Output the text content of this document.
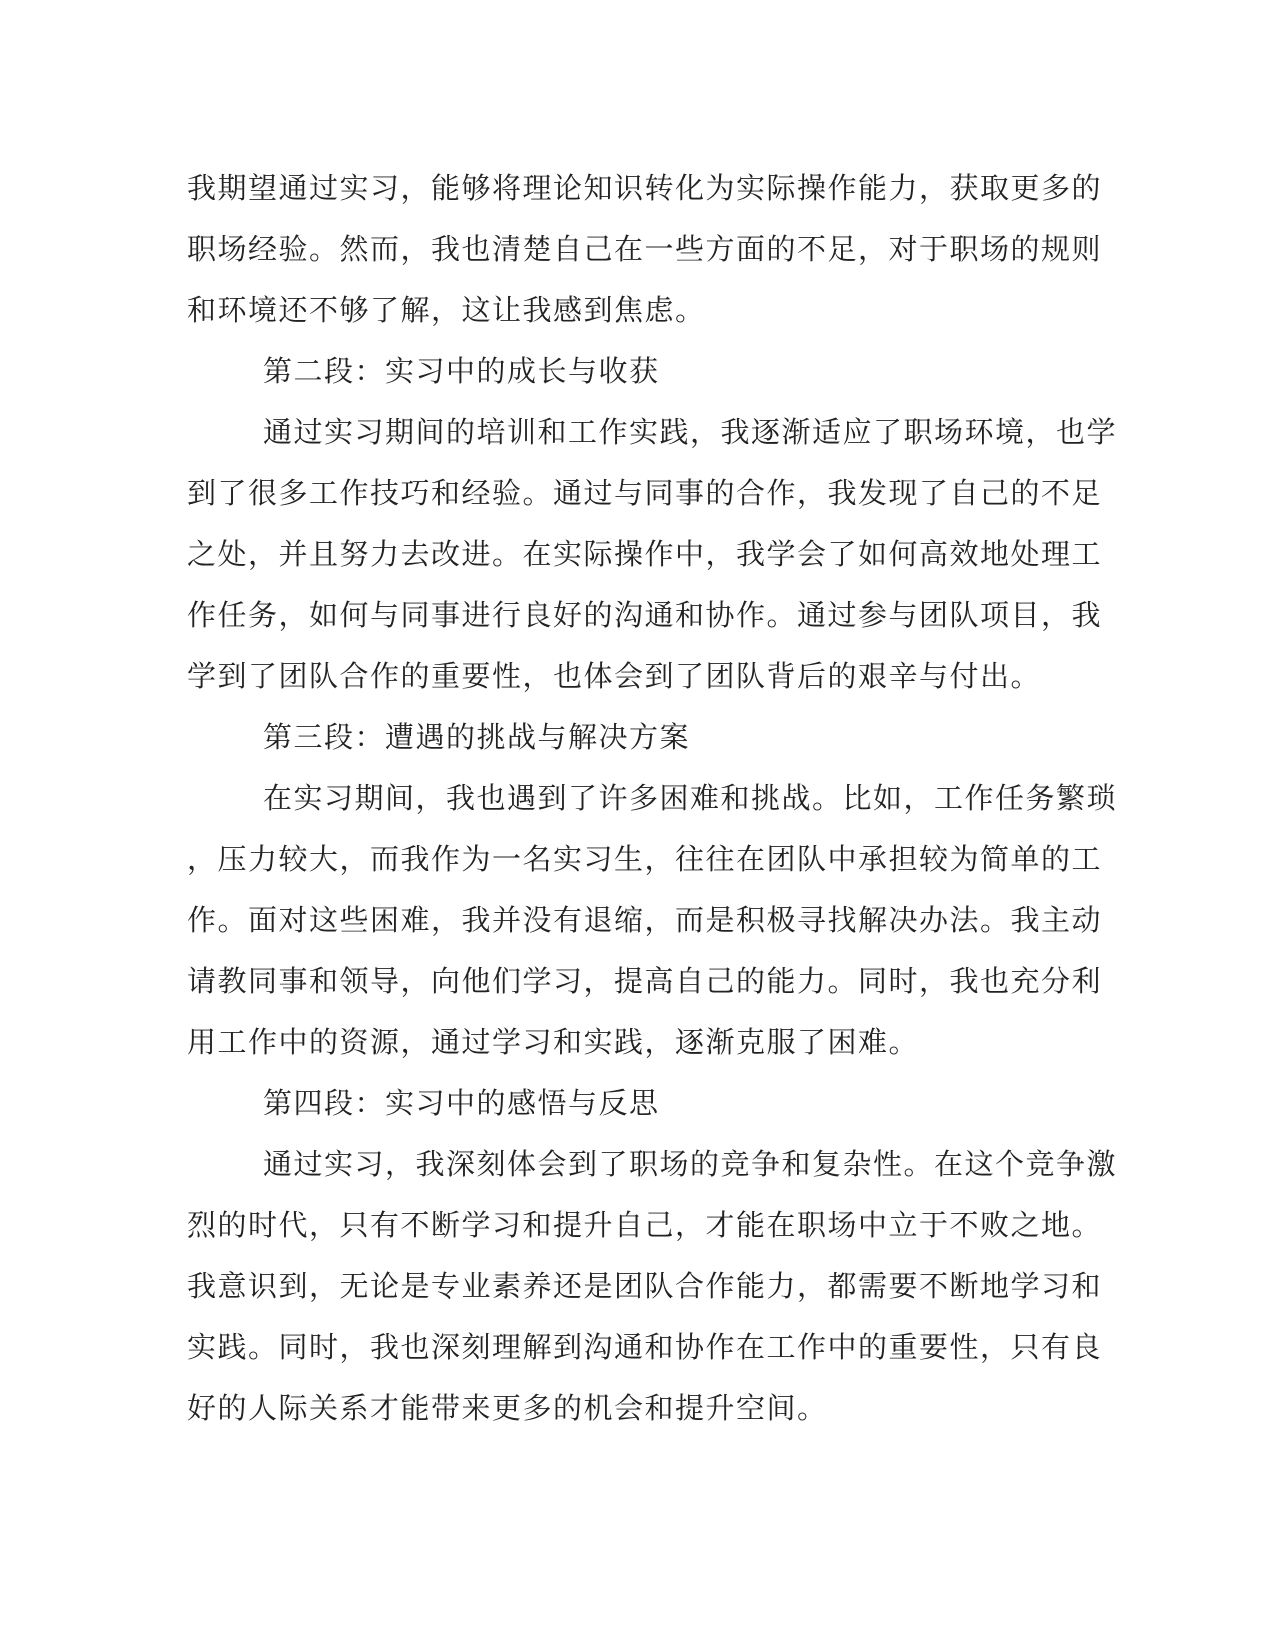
我期望通过实习，能够将理论知识转化为实际操作能力，获取更多的
职场经验。然而，我也清楚自己在一些方面的不足，对于职场的规则
和环境还不够了解，这让我感到焦虑。
第二段：实习中的成长与收获
通过实习期间的培训和工作实践，我逐渐适应了职场环境，也学
到了很多工作技巧和经验。通过与同事的合作，我发现了自己的不足
之处，并且努力去改进。在实际操作中，我学会了如何高效地处理工
作任务，如何与同事进行良好的沟通和协作。通过参与团队项目，我
学到了团队合作的重要性，也体会到了团队背后的艰辛与付出。
第三段：遭遇的挑战与解决方案
在实习期间，我也遇到了许多困难和挑战。比如，工作任务繁琐
，压力较大，而我作为一名实习生，往往在团队中承担较为简单的工
作。面对这些困难，我并没有退缩，而是积极寻找解决办法。我主动
请教同事和领导，向他们学习，提高自己的能力。同时，我也充分利
用工作中的资源，通过学习和实践，逐渐克服了困难。
第四段：实习中的感悟与反思
通过实习，我深刻体会到了职场的竞争和复杂性。在这个竞争激
烈的时代，只有不断学习和提升自己，才能在职场中立于不败之地。
我意识到，无论是专业素养还是团队合作能力，都需要不断地学习和
实践。同时，我也深刻理解到沟通和协作在工作中的重要性，只有良
好的人际关系才能带来更多的机会和提升空间。
